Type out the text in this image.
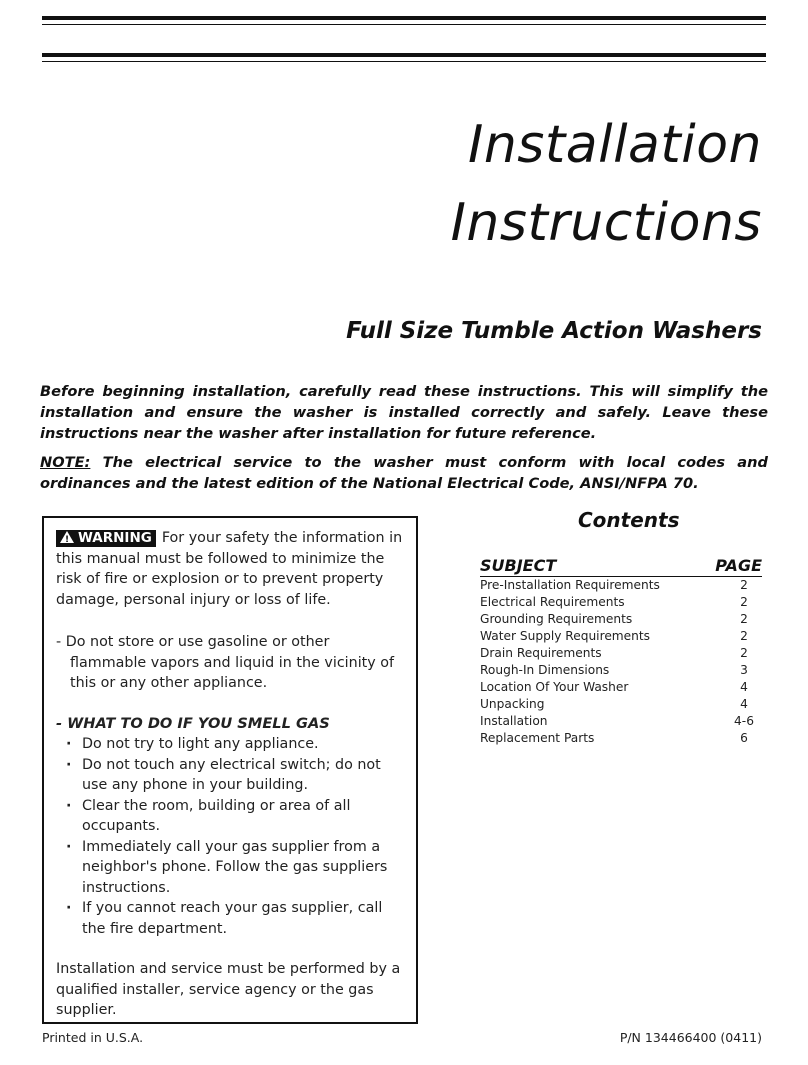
Installation
Instructions
Full Size Tumble Action Washers
Before beginning installation, carefully read these instructions. This will simplify the installation and ensure the washer is installed correctly and safely. Leave these instructions near the washer after installation for future reference.
NOTE: The electrical service to the washer must conform with local codes and ordinances and the latest edition of the National Electrical Code, ANSI/NFPA 70.

! WARNING For your safety the information in this manual must be followed to minimize the risk of fire or explosion or to prevent property damage, personal injury or loss of life.

- Do not store or use gasoline or other flammable vapors and liquid in the vicinity of this or any other appliance.

- WHAT TO DO IF YOU SMELL GAS

· Do not try to light any appliance.
· Do not touch any electrical switch; do not use any phone in your building.
· Clear the room, building or area of all occupants.
· Immediately call your gas supplier from a neighbor's phone. Follow the gas suppliers instructions.
· If you cannot reach your gas supplier, call the fire department.

Installation and service must be performed by a qualified installer, service agency or the gas supplier.

Contents
SUBJECT	PAGE
Pre-Installation Requirements	2
Electrical Requirements	2
Grounding Requirements	2
Water Supply Requirements	2
Drain Requirements	2
Rough-In Dimensions	3
Location Of Your Washer	4
Unpacking	4
Installation	4-6
Replacement Parts	6
Printed in U.S.A.	P/N 134466400 (0411)
